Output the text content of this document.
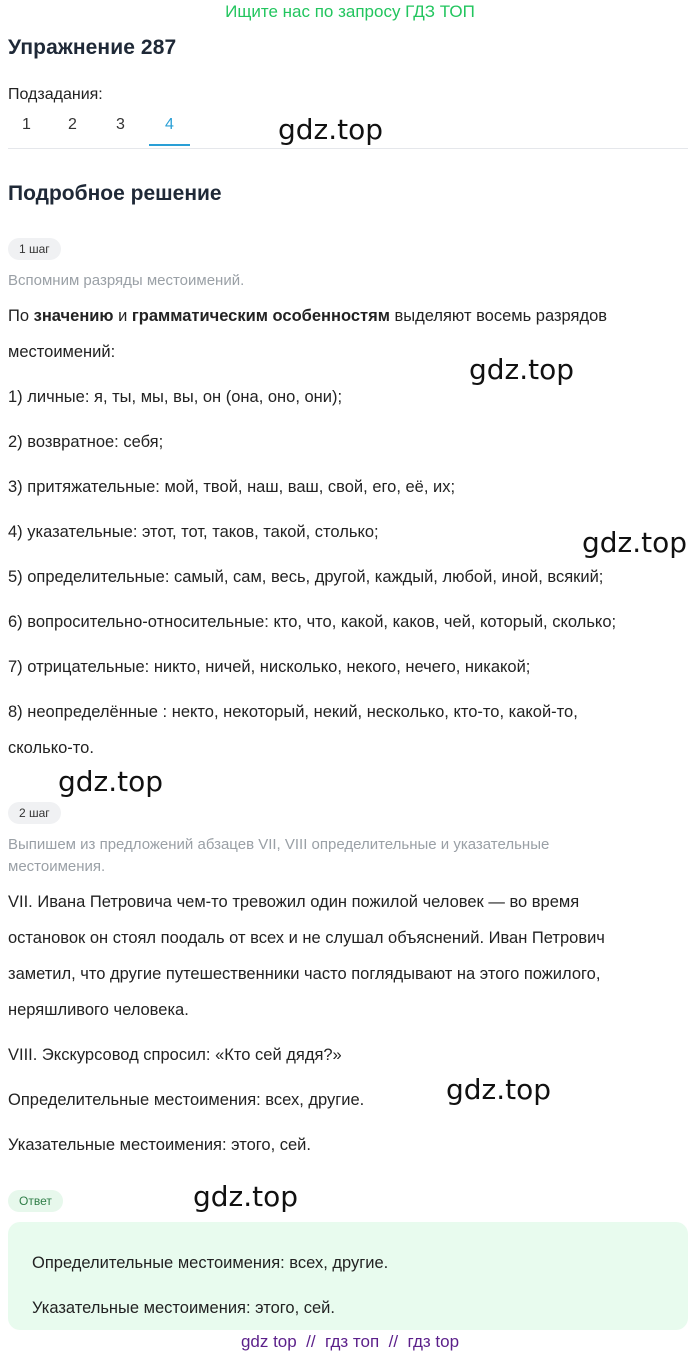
Ищите нас по запросу ГДЗ ТОП
Упражнение 287
Подзадания:
1 2 3	4	gdz.top
gdz.top
gdz.top
gdz.top
gdz.top
gdz.top
Подробное решение
1 шаг
Вспомним разряды местоимений.
По значению и грамматическим особенностям выделяют восемь разрядов
местоимений:
1) личные: я, ты, мы, вы, он (она, оно, они);
2) возвратное: себя;
3) притяжательные: мой, твой, наш, ваш, свой, его, её, их;
4) указательные: этот, тот, таков, такой, столько;
5) определительные: самый, сам, весь, другой, каждый, любой, иной, всякий;
6) вопросительно-относительные: кто, что, какой, каков, чей, который, сколько;
7) отрицательные: никто, ничей, нисколько, некого, нечего, никакой;
8) неопределённые : некто, некоторый, некий, несколько, кто-то, какой-то,
сколько-то.
2 шаг
Выпишем из предложений абзацев VII, VIII определительные и указательные
местоимения.
VII. Ивана Петровича чем-то тревожил один пожилой человек — во время
остановок он стоял поодаль от всех и не слушал объяснений. Иван Петрович
заметил, что другие путешественники часто поглядывают на этого пожилого,
неряшливого человека.
VIII. Экскурсовод спросил: «Кто сей дядя?»
Определительные местоимения: всех, другие.
Указательные местоимения: этого, сей.
Ответ
Определительные местоимения: всех, другие.
Указательные местоимения: этого, сей.
gdz top  //  гдз топ  //  гдз top
